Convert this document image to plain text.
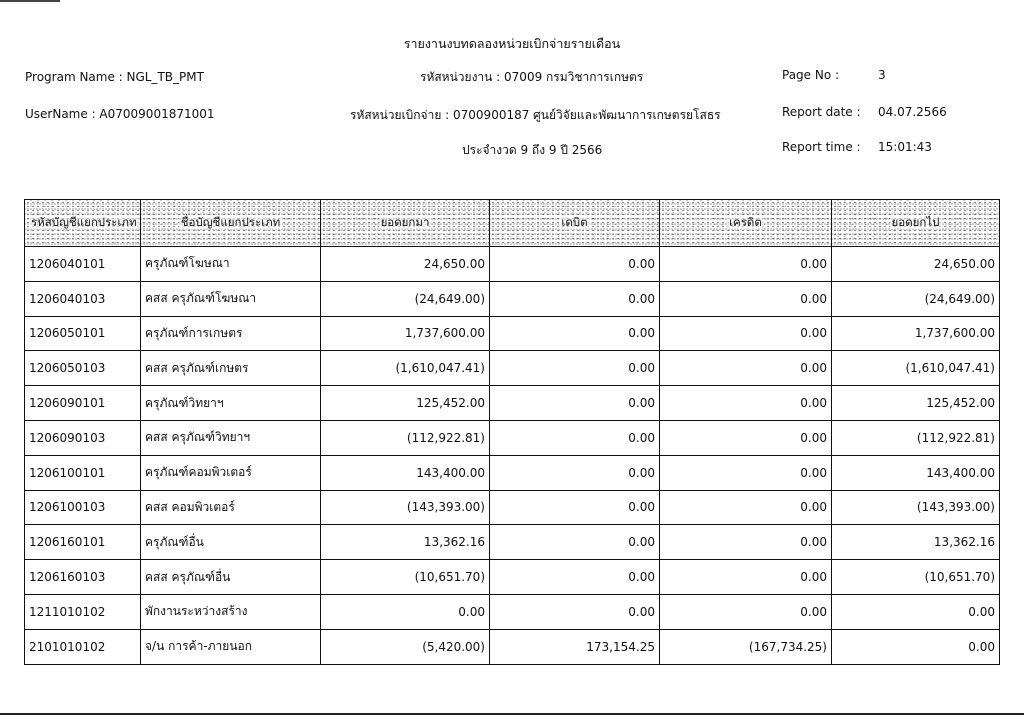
รายงานงบทดลองหน่วยเบิกจ่ายรายเดือน
Program Name : NGL_TB_PMT	รหัสหน่วยงาน : 07009 กรมวิชาการเกษตร	Page No :	3
UserName : A07009001871001	รหัสหน่วยเบิกจ่าย : 0700900187 ศูนย์วิจัยและพัฒนาการเกษตรยโสธร	Report date : 04.07.2566
ประจำงวด 9 ถึง 9 ปี 2566	Report time : 15:01:43
รหัสบัญชีแยกประเภท	ชื่อบัญชีแยกประเภท	ยอดยกมา	เดบิต	เครดิต	ยอดยกไป
1206040101	ครุภัณฑ์โฆษณา	24,650.00	0.00	0.00	24,650.00
1206040103	คสส ครุภัณฑ์โฆษณา	(24,649.00)	0.00	0.00	(24,649.00)
1206050101	ครุภัณฑ์การเกษตร	1,737,600.00	0.00	0.00	1,737,600.00
1206050103	คสส ครุภัณฑ์เกษตร	(1,610,047.41)	0.00	0.00	(1,610,047.41)
1206090101	ครุภัณฑ์วิทยาฯ	125,452.00	0.00	0.00	125,452.00
1206090103	คสส ครุภัณฑ์วิทยาฯ	(112,922.81)	0.00	0.00	(112,922.81)
1206100101	ครุภัณฑ์คอมพิวเตอร์	143,400.00	0.00	0.00	143,400.00
1206100103	คสส คอมพิวเตอร์	(143,393.00)	0.00	0.00	(143,393.00)
1206160101	ครุภัณฑ์อื่น	13,362.16	0.00	0.00	13,362.16
1206160103	คสส ครุภัณฑ์อื่น	(10,651.70)	0.00	0.00	(10,651.70)
1211010102	พักงานระหว่างสร้าง	0.00	0.00	0.00	0.00
2101010102	จ/น การค้า-ภายนอก	(5,420.00)	173,154.25	(167,734.25)	0.00
